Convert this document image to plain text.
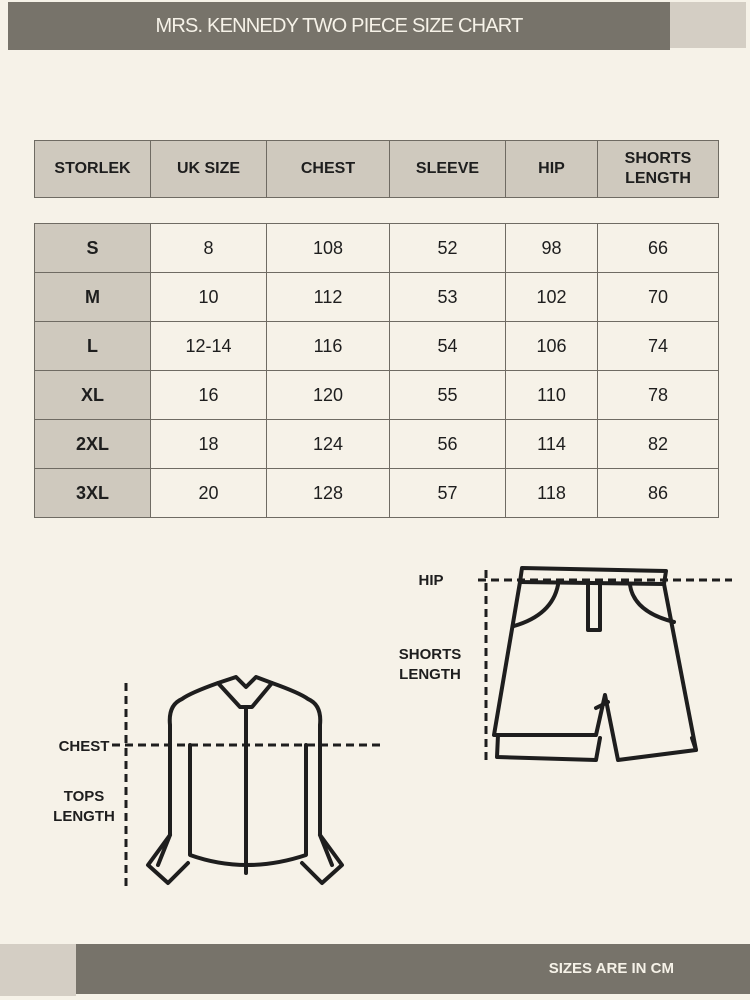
MRS. KENNEDY TWO PIECE SIZE CHART
STORLEK	UK SIZE	CHEST	SLEEVE	HIP	SHORTS LENGTH
S	8	108	52	98	66
M	10	112	53	102	70
L	12-14	116	54	106	74
XL	16	120	55	110	78
2XL	18	124	56	114	82
3XL	20	128	57	118	86
HIP
SHORTS LENGTH
CHEST
TOPS LENGTH
SIZES ARE IN CM
